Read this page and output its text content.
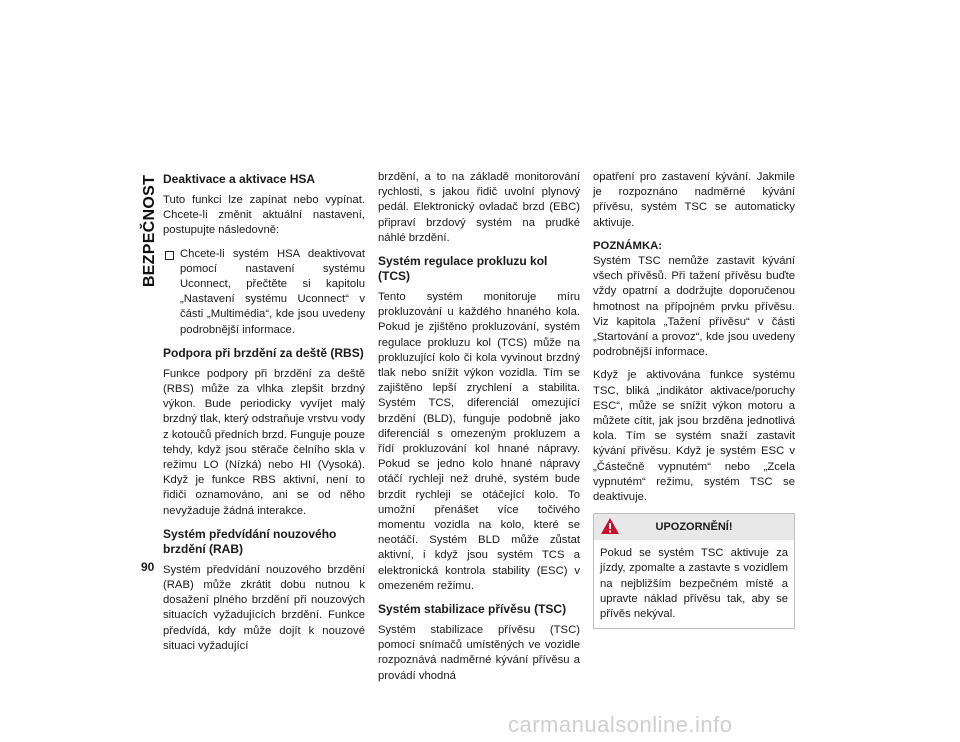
BEZPEČNOST
90
Deaktivace a aktivace HSA

Tuto funkci lze zapínat nebo vypínat. Chcete-li změnit aktuální nastavení, postupujte následovně:

Chcete-li systém HSA deaktivovat pomocí nastavení systému Uconnect, přečtěte si kapitolu „Nastavení systému Uconnect“ v části „Multimédia“, kde jsou uvedeny podrobnější informace.
Podpora při brzdění za deště (RBS)

Funkce podpory při brzdění za deště (RBS) může za vlhka zlepšit brzdný výkon. Bude periodicky vyvíjet malý brzdný tlak, který odstraňuje vrstvu vody z kotoučů předních brzd. Funguje pouze tehdy, když jsou stěrače čelního skla v režimu LO (Nízká) nebo HI (Vysoká). Když je funkce RBS aktivní, není to řidiči oznamováno, ani se od něho nevyžaduje žádná interakce.

Systém předvídání nouzového brzdění (RAB)

Systém předvídání nouzového brzdění (RAB) může zkrátit dobu nutnou k dosažení plného brzdění při nouzových situacích vyžadujících brzdění. Funkce předvídá, kdy může dojít k nouzové situaci vyžadující

brzdění, a to na základě monitorování rychlosti, s jakou řidič uvolní plynový pedál. Elektronický ovladač brzd (EBC) připraví brzdový systém na prudké náhlé brzdění.

Systém regulace prokluzu kol (TCS)

Tento systém monitoruje míru prokluzování u každého hnaného kola. Pokud je zjištěno prokluzování, systém regulace prokluzu kol (TCS) může na prokluzující kolo či kola vyvinout brzdný tlak nebo snížit výkon vozidla. Tím se zajištěno lepší zrychlení a stabilita. Systém TCS, diferenciál omezující brzdění (BLD), funguje podobně jako diferenciál s omezeným prokluzem a řídí prokluzování kol hnané nápravy. Pokud se jedno kolo hnané nápravy otáčí rychleji než druhé, systém bude brzdit rychleji se otáčející kolo. To umožní přenášet více točivého momentu vozidla na kolo, které se neotáčí. Systém BLD může zůstat aktivní, i když jsou systém TCS a elektronická kontrola stability (ESC) v omezeném režimu.

Systém stabilizace přívěsu (TSC)

Systém stabilizace přívěsu (TSC) pomocí snímačů umístěných ve vozidle rozpoznává nadměrné kývání přívěsu a provádí vhodná

opatření pro zastavení kývání. Jakmile je rozpoznáno nadměrné kývání přívěsu, systém TSC se automaticky aktivuje.

POZNÁMKA:

Systém TSC nemůže zastavit kývání všech přívěsů. Při tažení přívěsu buďte vždy opatrní a dodržujte doporučenou hmotnost na přípojném prvku přívěsu. Viz kapitola „Tažení přívěsu“ v části „Startování a provoz“, kde jsou uvedeny podrobnější informace.

Když je aktivována funkce systému TSC, bliká „indikátor aktivace/poruchy ESC“, může se snížit výkon motoru a můžete cítit, jak jsou brzděna jednotlivá kola. Tím se systém snaží zastavit kývání přívěsu. Když je systém ESC v „Částečně vypnutém“ nebo „Zcela vypnutém“ režimu, systém TSC se deaktivuje.

UPOZORNĚNÍ!
Pokud se systém TSC aktivuje za jízdy, zpomalte a zastavte s vozidlem na nejbližším bezpečném místě a upravte náklad přívěsu tak, aby se přívěs nekýval.
carmanualsonline.info
